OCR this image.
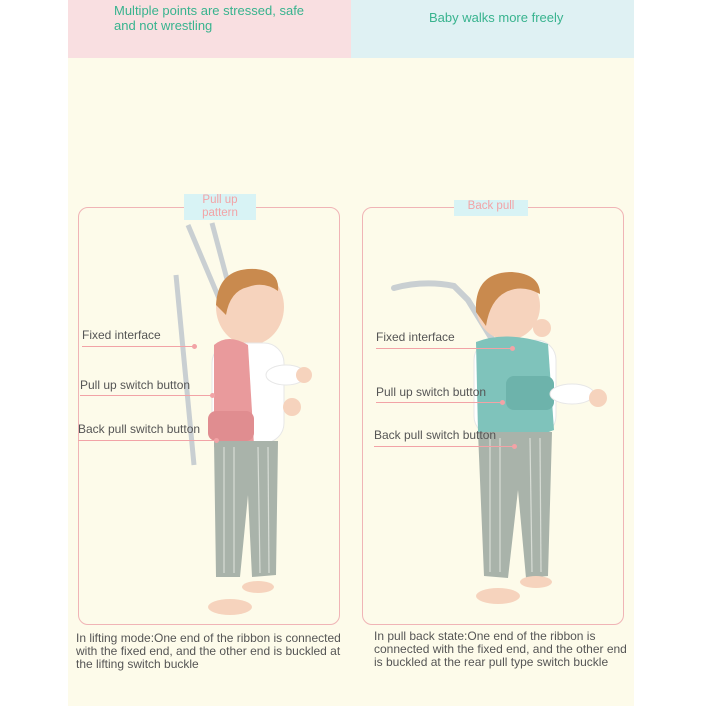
Multiple points are stressed, safe and not wrestling
Baby walks more freely
Pull up pattern
Back pull
Fixed interface
Pull up switch button
Back pull switch button
Fixed interface
Pull up switch button
Back pull switch button
In lifting mode:One end of the ribbon is connected with the fixed end, and the other end is buckled at the lifting switch buckle
In pull back state:One end of the ribbon is connected with the fixed end, and the other end is buckled at the rear pull type switch buckle
